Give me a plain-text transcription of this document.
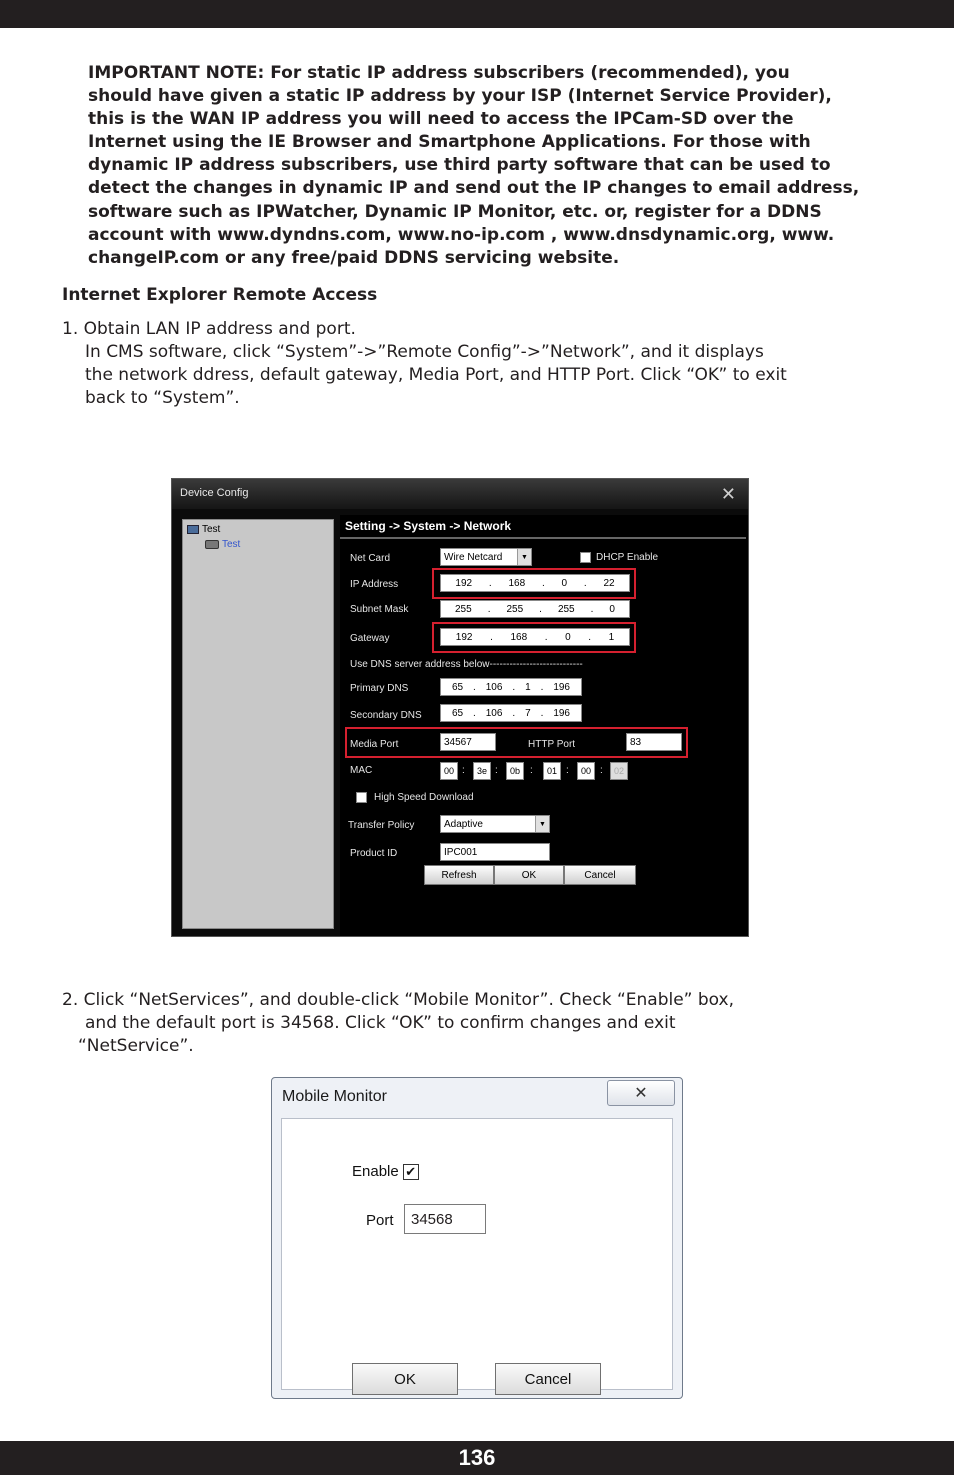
IMPORTANT NOTE: For static IP address subscribers (recommended), you

should have given a static IP address by your ISP (Internet Service Provider),

this is the WAN IP address you will need to access the IPCam-SD over the

Internet using the IE Browser and Smartphone Applications. For those with

dynamic IP address subscribers, use third party software that can be used to

detect the changes in dynamic IP and send out the IP changes to email address,

software such as IPWatcher, Dynamic IP Monitor, etc. or, register for a DDNS

account with www.dyndns.com, www.no-ip.com , www.dnsdynamic.org, www.

changeIP.com or any free/paid DDNS servicing website.

Internet Explorer Remote Access

1. Obtain LAN IP address and port.

In CMS software, click “System”->”Remote Config”->”Network”, and it displays

the network ddress, default gateway, Media Port, and HTTP Port. Click “OK” to exit

back to “System”.

Device Config	✕
Test
Test
Setting -> System -> Network
Net Card	Wire Netcard	▼	DHCP Enable
IP Address	192 . 168 . 0 . 22
Subnet Mask	255 . 255 . 255 . 0
Gateway	192 . 168 . 0 . 1
Use DNS server address below----------------------------
Primary DNS	65 . 106 . 1 . 196
Secondary DNS	65 . 106 . 7 . 196
Media Port	34567	HTTP Port	83
MAC	00 :	3e :	0b	:	01 :	00 :	02
High Speed Download
Transfer Policy	Adaptive	▼
Product ID	IPC001
Refresh	OK	Cancel

2. Click “NetServices”, and double-click “Mobile Monitor”. Check “Enable” box,

and the default port is 34568. Click “OK” to confirm changes and exit

“NetService”.

Mobile Monitor	✕
Enable ✔
Port	34568
OK	Cancel
136
